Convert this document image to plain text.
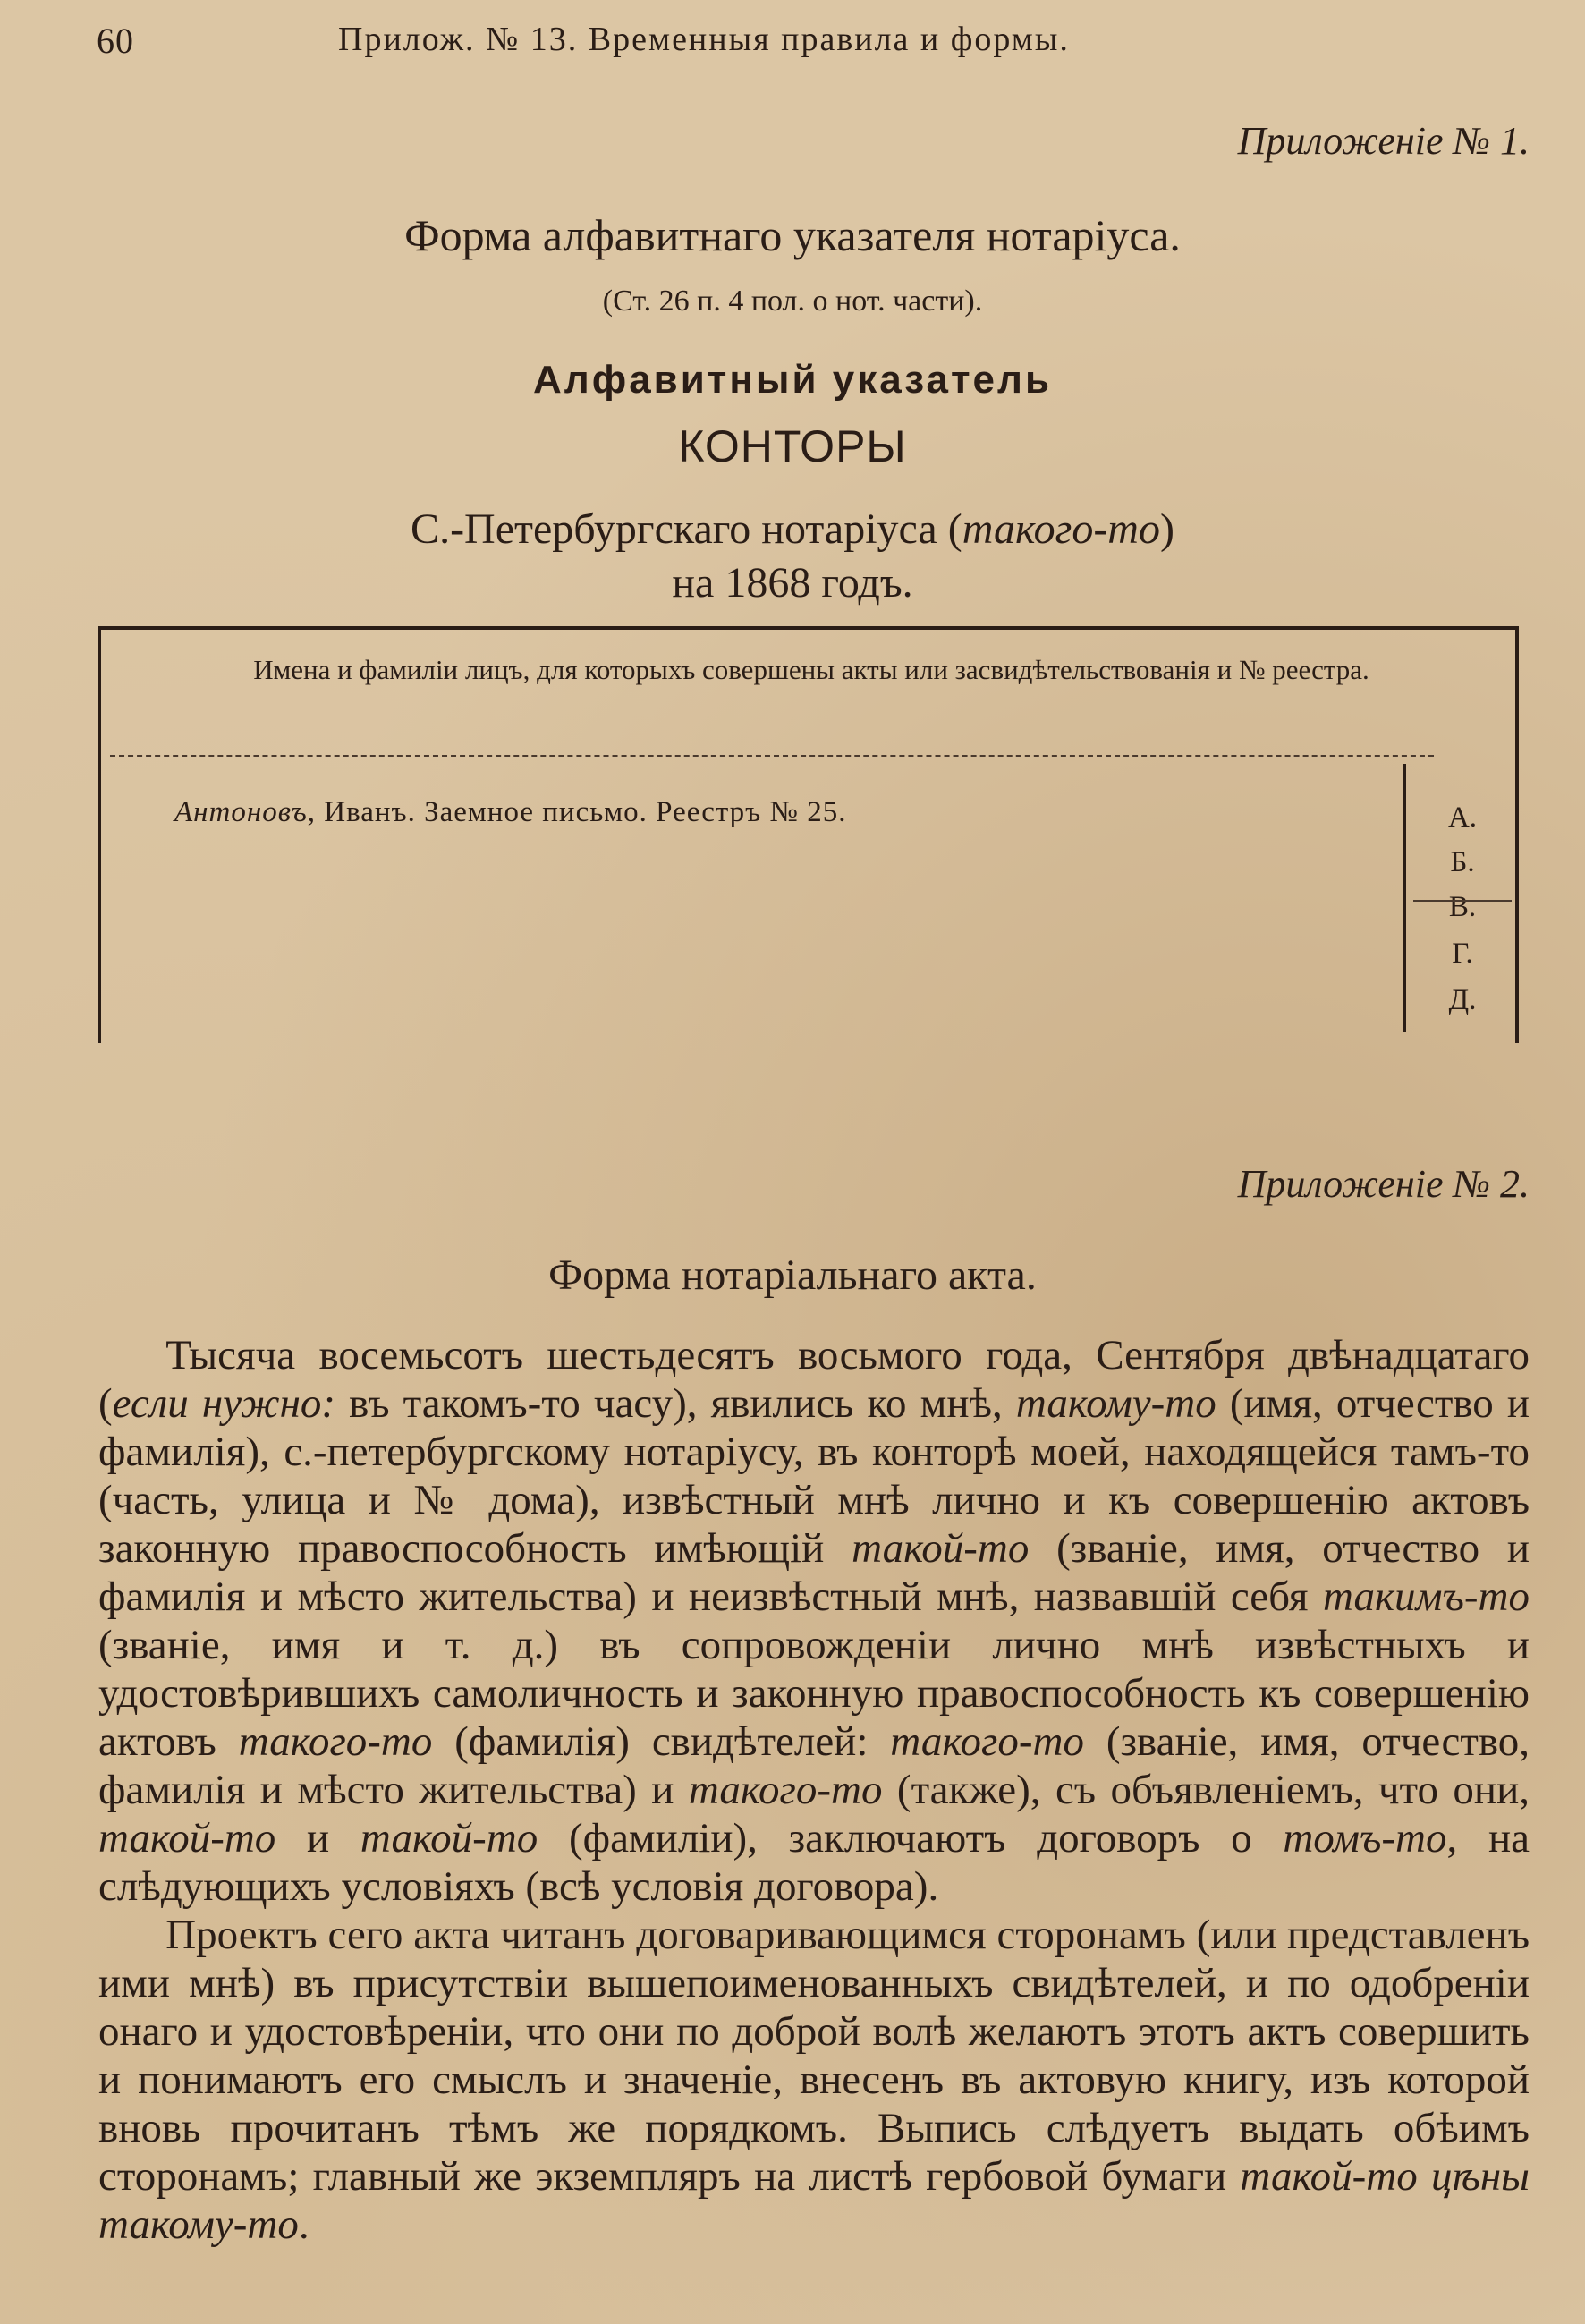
60	Прилож. № 13. Временныя правила и формы.
Приложенiе № 1.
Форма алфавитнаго указателя нотарiуса.
(Ст. 26 п. 4 пол. о нот. части).
Алфавитный указатель
КОНТОРЫ
С.-Петербургскаго нотарiуса (такого-то)
на 1868 годъ.
Имена и фамилiи лицъ, для которыхъ совершены акты или засвидѣтельствованiя и № реестра.
Антоновъ, Иванъ. Заемное письмо. Реестръ № 25.	А.
Б.
В.
Г.
Д.
Приложенiе № 2.
Форма нотарiальнаго акта.

Тысяча восемьсотъ шестьдесятъ восьмого года, Сентября двѣнадцатаго (если нужно: въ такомъ-то часу), явились ко мнѣ, такому-то (имя, отчество и фамилiя), с.-петербургскому нотарiусу, въ конторѣ моей, находящейся тамъ-то (часть, улица и № дома), извѣстный мнѣ лично и къ совершенiю актовъ законную правоспособность имѣющiй такой-то (званiе, имя, отчество и фамилiя и мѣсто жительства) и неизвѣстный мнѣ, назвавшiй себя такимъ-то (званiе, имя и т. д.) въ сопровожденiи лично мнѣ извѣстныхъ и удостовѣрившихъ самоличность и законную правоспособность къ совершенiю актовъ такого-то (фамилiя) свидѣтелей: такого-то (званiе, имя, отчество, фамилiя и мѣсто жительства) и такого-то (также), съ объявленiемъ, что они, такой-то и такой-то (фамилiи), заключаютъ договоръ о томъ-то, на слѣдующихъ условiяхъ (всѣ условiя договора).

Проектъ сего акта читанъ договаривающимся сторонамъ (или представленъ ими мнѣ) въ присутствiи вышепоименованныхъ свидѣтелей, и по одобренiи онаго и удостовѣренiи, что они по доброй волѣ желаютъ этотъ актъ совершить и понимаютъ его смыслъ и значенiе, внесенъ въ актовую книгу, изъ которой вновь прочитанъ тѣмъ же порядкомъ. Выпись слѣдуетъ выдать обѣимъ сторонамъ; главный же экземпляръ на листѣ гербовой бумаги такой-то цѣны такому-то.
